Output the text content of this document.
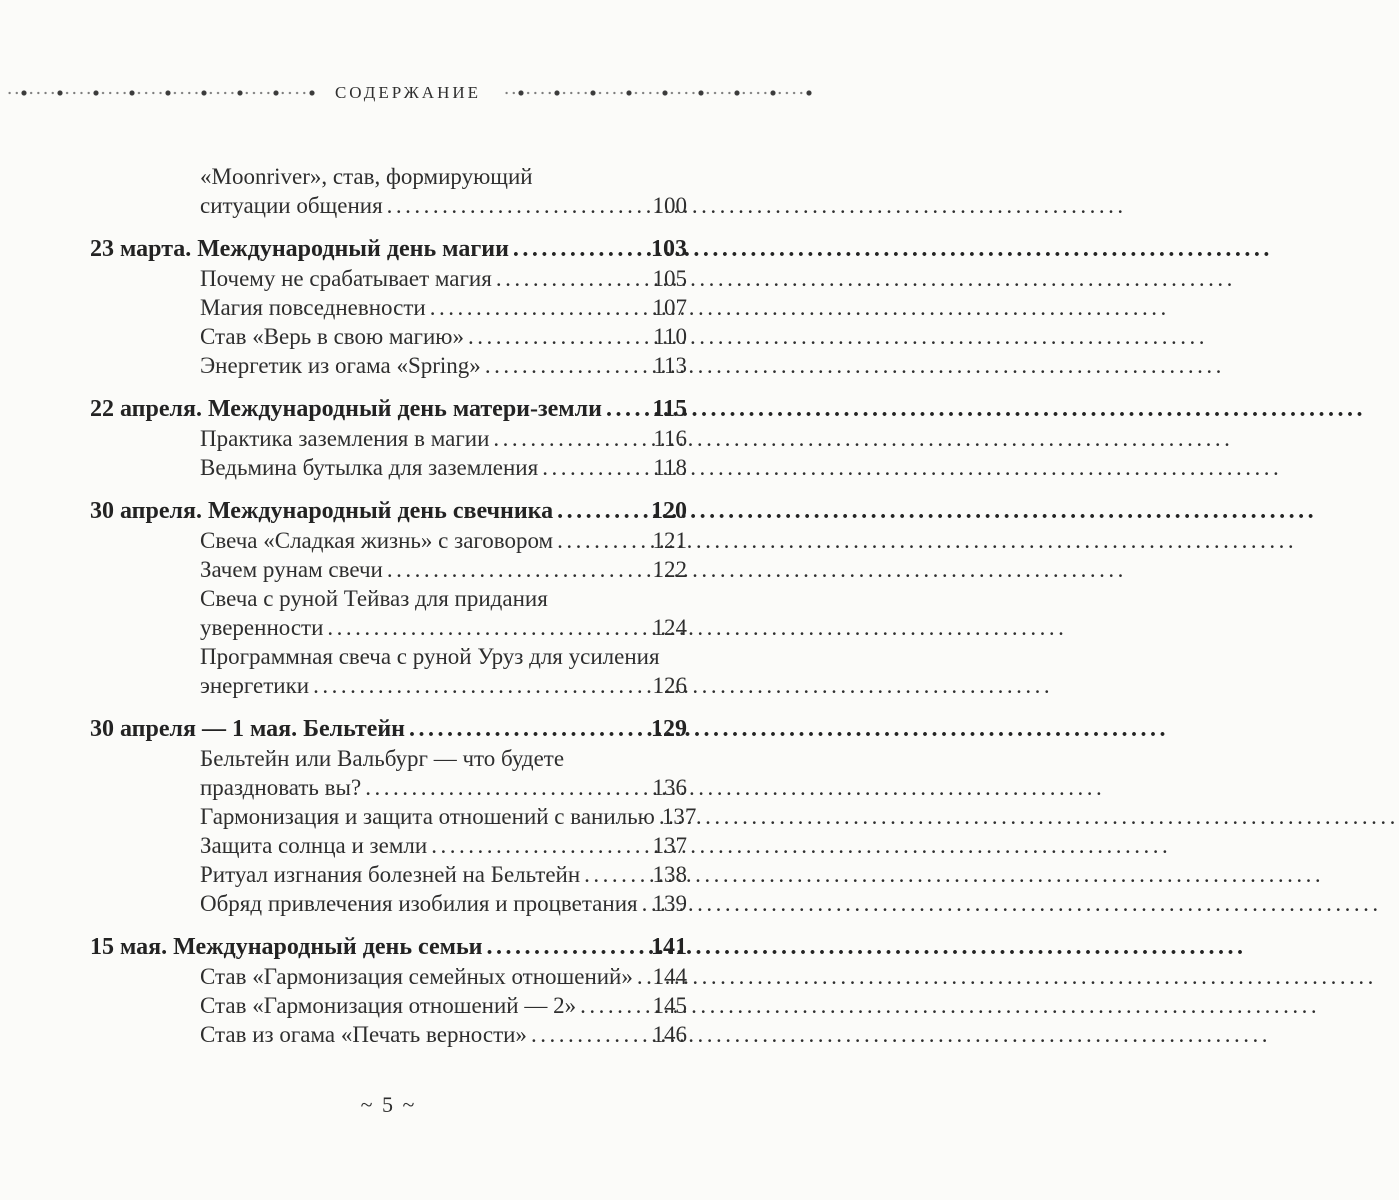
СОДЕРЖАНИЕ
«Moonriver», став, формирующий
ситуации общения .....	100
23 марта. Международный день магии .....	103
Почему не срабатывает магия .....	105
Магия повседневности .....	107
Став «Верь в свою магию» .....	110
Энергетик из огама «Spring» .....	113
22 апреля. Международный день матери-земли ..... 115
Практика заземления в магии .....	116
Ведьмина бутылка для заземления .....	118
30 апреля. Международный день свечника .....	120
Свеча «Сладкая жизнь» с заговором .....	121
Зачем рунам свечи .....	122
Свеча с руной Тейваз для придания
уверенности .....	124
Программная свеча с руной Уруз для усиления
энергетики .....	126
30 апреля — 1 мая. Бельтейн .....	129
Бельтейн или Вальбург — что будете
праздновать вы? .....	136
Гармонизация и защита отношений с ванилью 137
Защита солнца и земли .....	137
Ритуал изгнания болезней на Бельтейн .....	138
Обряд привлечения изобилия и процветания ..... 139
15 мая. Международный день семьи .....	141
Став «Гармонизация семейных отношений» ..... 144
Став «Гармонизация отношений — 2» .....	145
Став из огама «Печать верности» .....	146
~ 5 ~
